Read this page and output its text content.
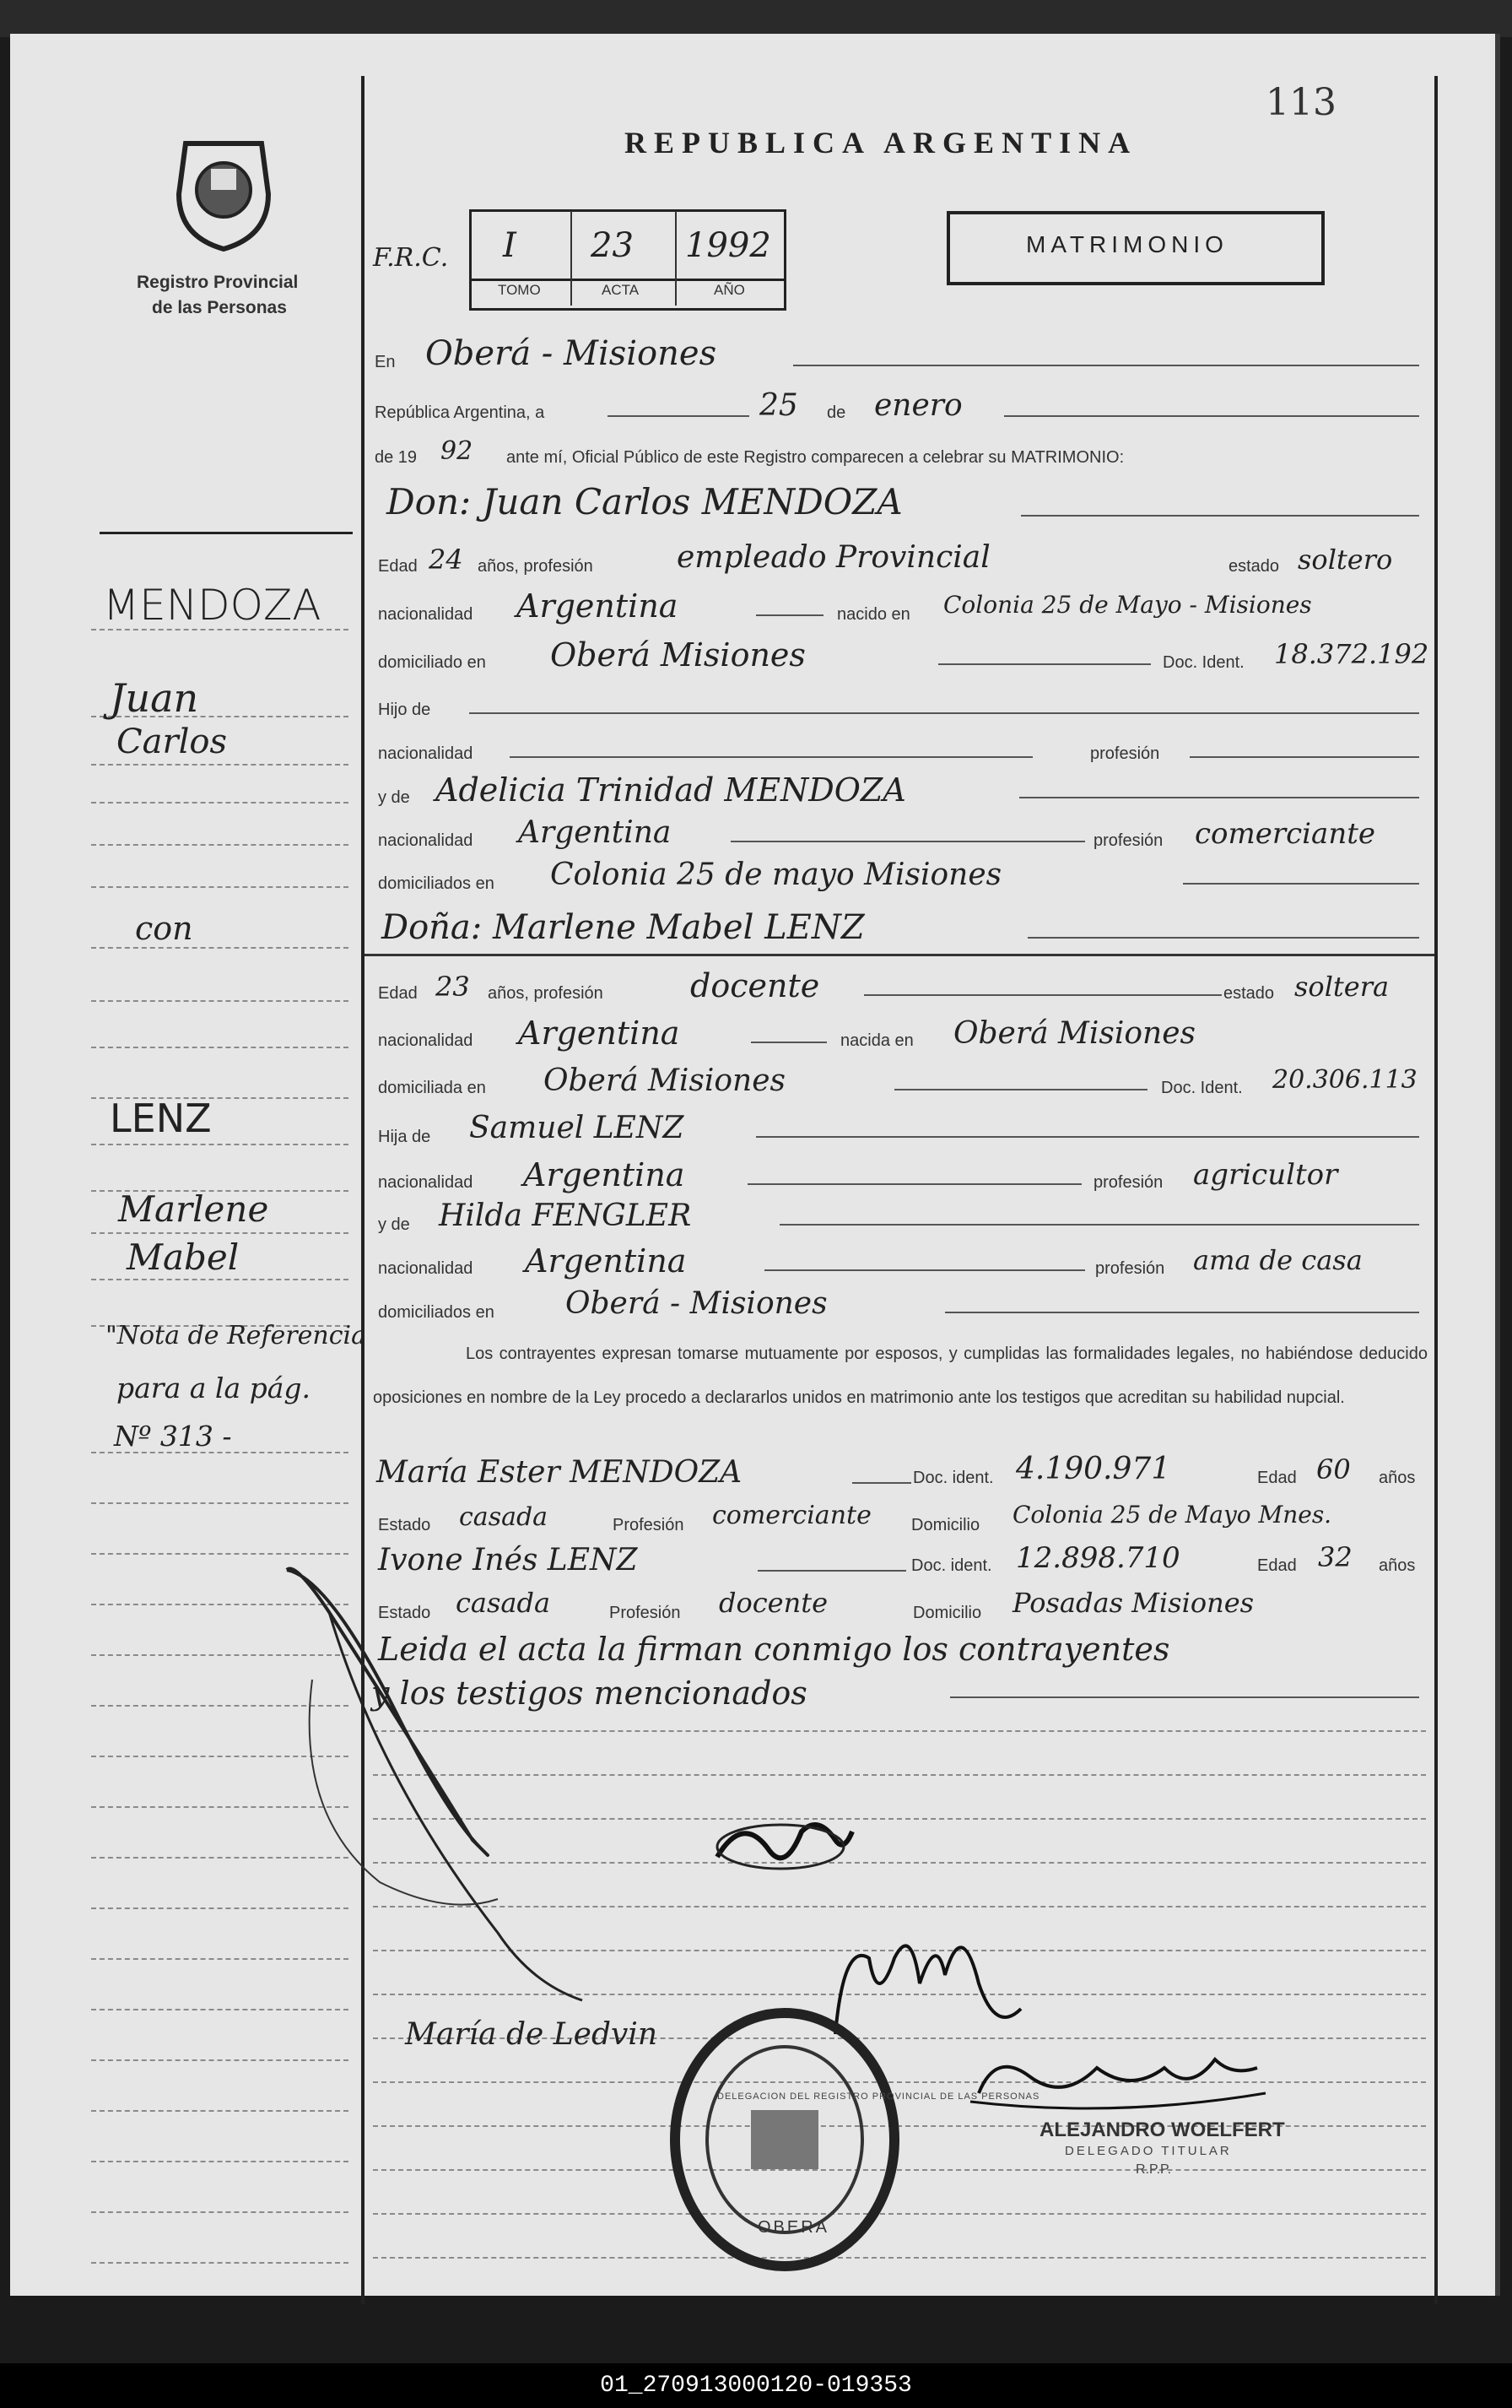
113
Registro Provincial
de las Personas
REPUBLICA ARGENTINA
F.R.C. I 23 1992
TOMO	ACTA	AÑO
MATRIMONIO
MENDOZA
Juan
Carlos
con
LENZ
Marlene
Mabel
"Nota de Referencia
para a la pág.
Nº 313 -
En Oberá - Misiones
República Argentina, a	25 de enero
de 19 92 ante mí, Oficial Público de este Registro comparecen a celebrar su MATRIMONIO:
Don: Juan Carlos MENDOZA
Edad 24 años, profesión	empleado Provincial	estado soltero
nacionalidad Argentina	nacido en Colonia 25 de Mayo - Misiones
domiciliado en Oberá Misiones	Doc. Ident. 18.372.192
Hijo de
nacionalidad	profesión
y de Adelicia Trinidad MENDOZA
nacionalidad Argentina	profesión comerciante
domiciliados en Colonia 25 de mayo Misiones
Doña: Marlene Mabel LENZ
Edad 23 años, profesión	docente	estado soltera
nacionalidad Argentina	nacida en Oberá Misiones
domiciliada en Oberá Misiones	Doc. Ident. 20.306.113
Hija de Samuel LENZ
nacionalidad Argentina	profesión agricultor
y de Hilda FENGLER
nacionalidad Argentina	profesión ama de casa
domiciliados en Oberá - Misiones
Los contrayentes expresan tomarse mutuamente por esposos, y cumplidas las formalidades legales, no habiéndose deducido oposiciones en nombre de la Ley procedo a declararlos unidos en matrimonio ante los testigos que acreditan su habilidad nupcial.
María Ester MENDOZA	Doc. ident. 4.190.971	Edad 60 años
Estado casada	Profesión comerciante Domicilio Colonia 25 de Mayo Mnes.
Ivone Inés LENZ	Doc. ident. 12.898.710	Edad 32 años
Estado casada	Profesión docente	Domicilio Posadas Misiones
Leida el acta la firman conmigo los contrayentes
y los testigos mencionados
María de Ledvin
DELEGACION DEL REGISTRO PROVINCIAL DE LAS PERSONAS
OBERA
ALEJANDRO WOELFERT
DELEGADO TITULAR
R.P.P.
01_270913000120-019353
